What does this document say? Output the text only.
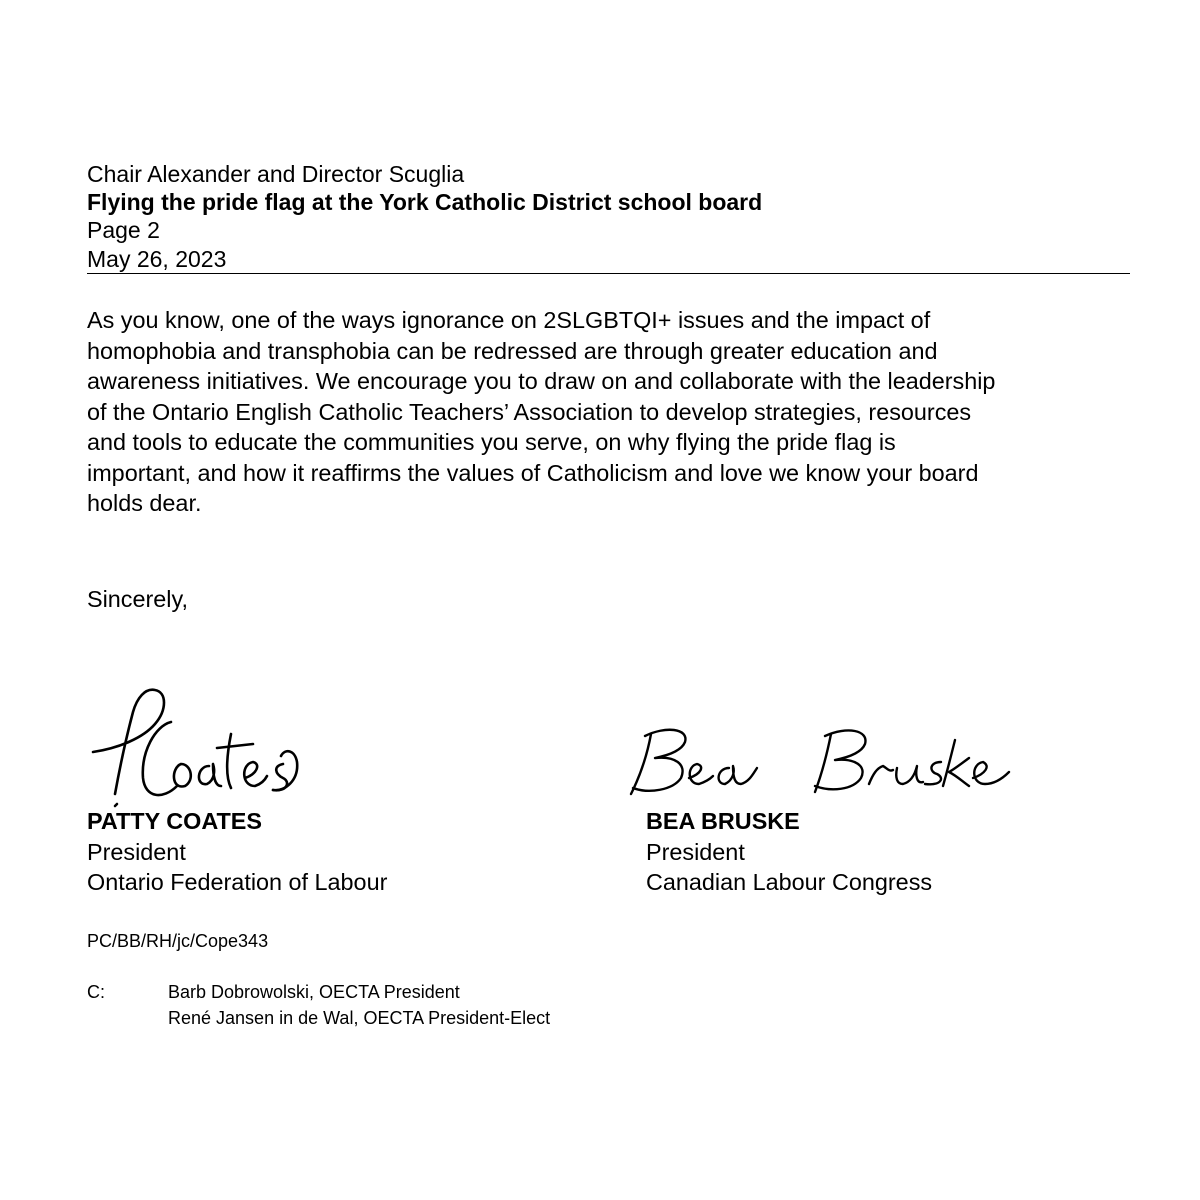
Chair Alexander and Director Scuglia
Flying the pride flag at the York Catholic District school board
Page 2
May 26, 2023
As you know, one of the ways ignorance on 2SLGBTQI+ issues and the impact of
homophobia and transphobia can be redressed are through greater education and
awareness initiatives. We encourage you to draw on and collaborate with the leadership
of the Ontario English Catholic Teachers’ Association to develop strategies, resources
and tools to educate the communities you serve, on why flying the pride flag is
important, and how it reaffirms the values of Catholicism and love we know your board
holds dear.
Sincerely,
PATTY COATES
President
Ontario Federation of Labour
BEA BRUSKE
President
Canadian Labour Congress
PC/BB/RH/jc/Cope343
C:	Barb Dobrowolski, OECTA President
René Jansen in de Wal, OECTA President-Elect
